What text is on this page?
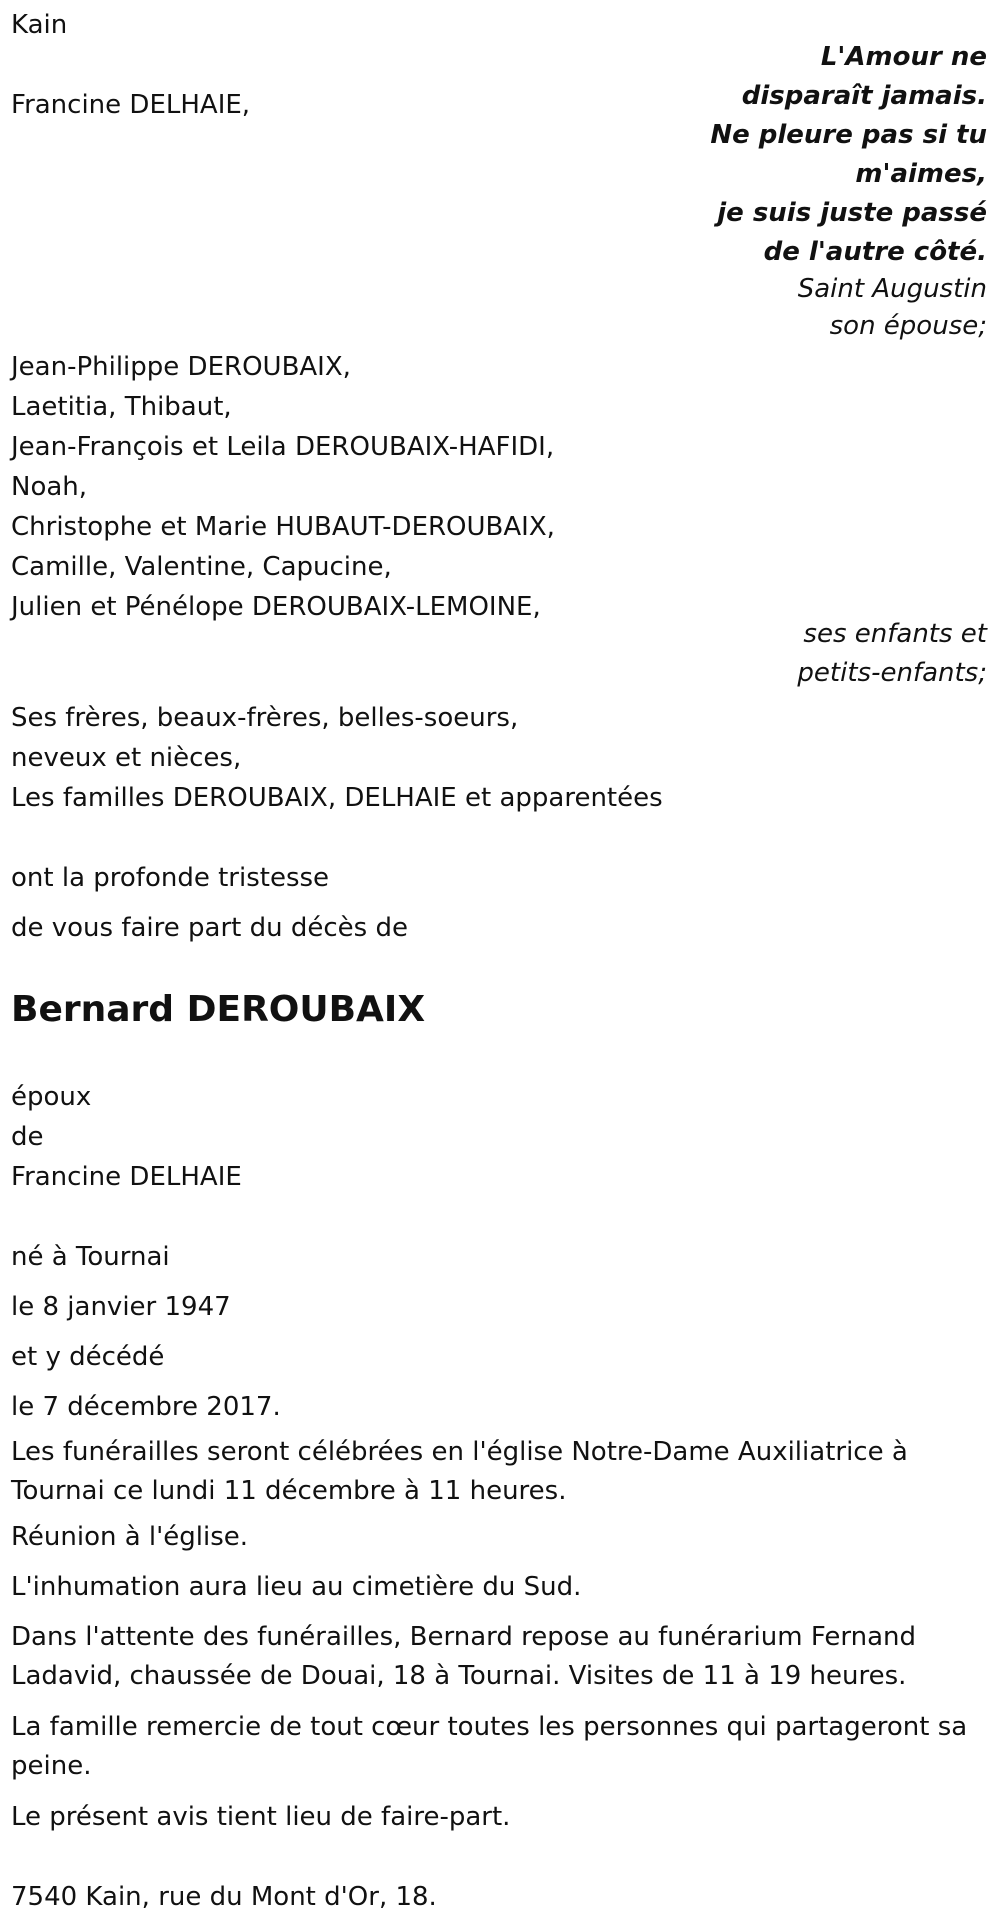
Kain
Francine DELHAIE,
L'Amour ne
disparaît jamais.
Ne pleure pas si tu
m'aimes,
je suis juste passé
de l'autre côté.
Saint Augustin
son épouse;
Jean-Philippe DEROUBAIX,
Laetitia, Thibaut,
Jean-François et Leila DEROUBAIX-HAFIDI,
Noah,
Christophe et Marie HUBAUT-DEROUBAIX,
Camille, Valentine, Capucine,
Julien et Pénélope DEROUBAIX-LEMOINE,
ses enfants et
petits-enfants;
Ses frères, beaux-frères, belles-soeurs,
neveux et nièces,
Les familles DEROUBAIX, DELHAIE et apparentées
ont la profonde tristesse
de vous faire part du décès de
Bernard DEROUBAIX
époux
de
Francine DELHAIE
né à Tournai
le 8 janvier 1947
et y décédé
le 7 décembre 2017.
Les funérailles seront célébrées en l'église Notre-Dame Auxiliatrice à Tournai ce lundi 11 décembre à 11 heures.
Réunion à l'église.
L'inhumation aura lieu au cimetière du Sud.
Dans l'attente des funérailles, Bernard repose au funérarium Fernand Ladavid, chaussée de Douai, 18 à Tournai. Visites de 11 à 19 heures.
La famille remercie de tout cœur toutes les personnes qui partageront sa peine.
Le présent avis tient lieu de faire-part.
7540 Kain, rue du Mont d'Or, 18.
